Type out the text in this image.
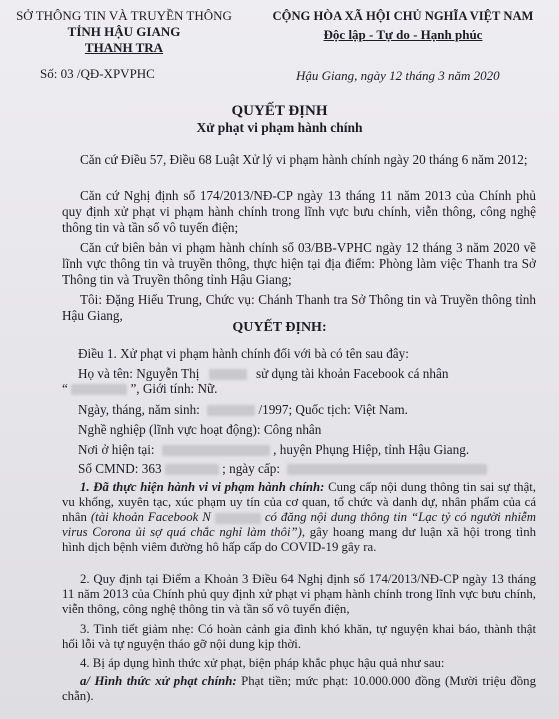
SỞ THÔNG TIN VÀ TRUYỀN THÔNG
TỈNH HẬU GIANG
THANH TRA
Số: 03 /QĐ-XPVPHC
CỘNG HÒA XÃ HỘI CHỦ NGHĨA VIỆT NAM
Độc lập - Tự do - Hạnh phúc
Hậu Giang, ngày 12 tháng 3 năm 2020
QUYẾT ĐỊNH
Xử phạt vi phạm hành chính
Căn cứ Điều 57, Điều 68 Luật Xử lý vi phạm hành chính ngày 20 tháng 6 năm 2012;
Căn cứ Nghị định số 174/2013/NĐ-CP ngày 13 tháng 11 năm 2013 của Chính phủ quy định xử phạt vi phạm hành chính trong lĩnh vực bưu chính, viễn thông, công nghệ thông tin và tần số vô tuyến điện;
Căn cứ biên bản vi phạm hành chính số 03/BB-VPHC ngày 12 tháng 3 năm 2020 về lĩnh vực thông tin và truyền thông, thực hiện tại địa điểm: Phòng làm việc Thanh tra Sở Thông tin và Truyền thông tỉnh Hậu Giang;
Tôi: Đặng Hiếu Trung, Chức vụ: Chánh Thanh tra Sở Thông tin và Truyền thông tỉnh Hậu Giang,
QUYẾT ĐỊNH:
Điều 1. Xử phạt vi phạm hành chính đối với bà có tên sau đây:
Họ và tên: Nguyễn Thị	sử dụng tài khoản Facebook cá nhân
“	”, Giới tính: Nữ.
Ngày, tháng, năm sinh:	/1997; Quốc tịch: Việt Nam.
Nghề nghiệp (lĩnh vực hoạt động): Công nhân
Nơi ở hiện tại:	, huyện Phụng Hiệp, tỉnh Hậu Giang.
Số CMND: 363	; ngày cấp:
1. Đã thực hiện hành vi vi phạm hành chính: Cung cấp nội dung thông tin sai sự thật, vu khống, xuyên tạc, xúc phạm uy tín của cơ quan, tổ chức và danh dự, nhân phẩm của cá nhân (tài khoản Facebook N	có đăng nội dung thông tin “Lạc tỷ có người nhiễm virus Corona ủi sợ quá chắc nghỉ làm thôi”), gây hoang mang dư luận xã hội trong tình hình dịch bệnh viêm đường hô hấp cấp do COVID-19 gây ra.
2. Quy định tại Điểm a Khoản 3 Điều 64 Nghị định số 174/2013/NĐ-CP ngày 13 tháng 11 năm 2013 của Chính phủ quy định xử phạt vi phạm hành chính trong lĩnh vực bưu chính, viễn thông, công nghệ thông tin và tần số vô tuyến điện,
3. Tình tiết giảm nhẹ: Có hoàn cảnh gia đình khó khăn, tự nguyện khai báo, thành thật hối lỗi và tự nguyện tháo gỡ nội dung kịp thời.
4. Bị áp dụng hình thức xử phạt, biện pháp khắc phục hậu quả như sau:
a/ Hình thức xử phạt chính: Phạt tiền; mức phạt: 10.000.000 đồng (Mười triệu đồng chẵn).
